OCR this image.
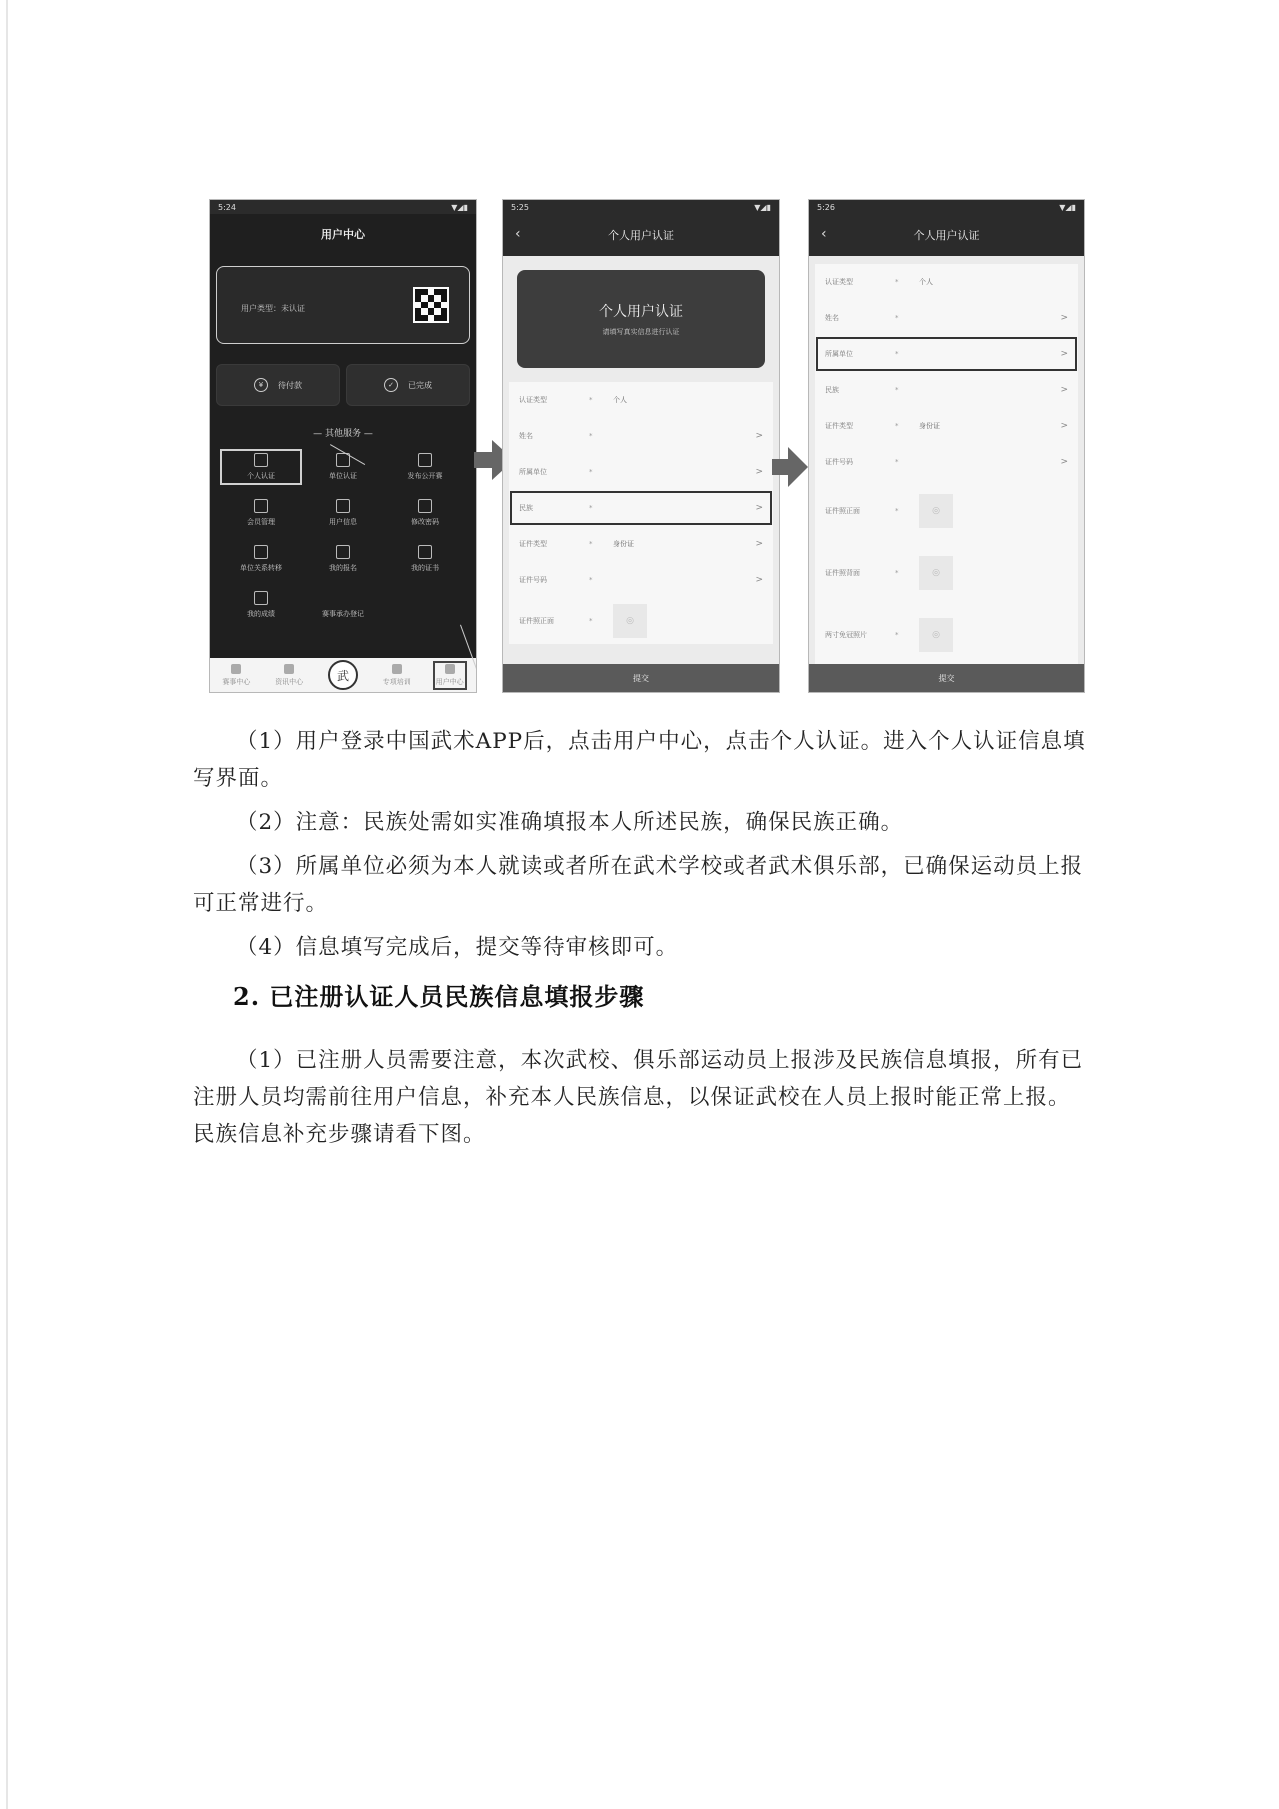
5:24	▼◢▮
用户中心
用户类型：未认证
¥	待付款	✓	已完成
— 其他服务 —
个人认证	单位认证	发布公开赛
会员管理	用户信息	修改密码
单位关系转移	我的报名	我的证书
我的成绩	赛事承办登记
赛事中心	资讯中心	武	专项培训	用户中心
5:25	▼◢▮
‹	个人用户认证
个人用户认证
请填写真实信息进行认证
认证类型	*	个人
姓名	*	>
所属单位	*	>
民族	*	>
证件类型	*	身份证	>
证件号码	*	>
证件照正面	*	◎
提交
5:26	▼◢▮
‹	个人用户认证
认证类型	*	个人
姓名	*	>
所属单位	*	>
民族	*	>
证件类型	*	身份证	>
证件号码	*	>
证件照正面	*	◎
证件照背面	*	◎
两寸免冠照片	*	◎
提交

（1）用户登录中国武术APP后，点击用户中心，点击个人认证。进入个人认证信息填写界面。

（2）注意：民族处需如实准确填报本人所述民族，确保民族正确。

（3）所属单位必须为本人就读或者所在武术学校或者武术俱乐部，已确保运动员上报可正常进行。

（4）信息填写完成后，提交等待审核即可。

2. 已注册认证人员民族信息填报步骤

（1）已注册人员需要注意，本次武校、俱乐部运动员上报涉及民族信息填报，所有已注册人员均需前往用户信息，补充本人民族信息，以保证武校在人员上报时能正常上报。民族信息补充步骤请看下图。
